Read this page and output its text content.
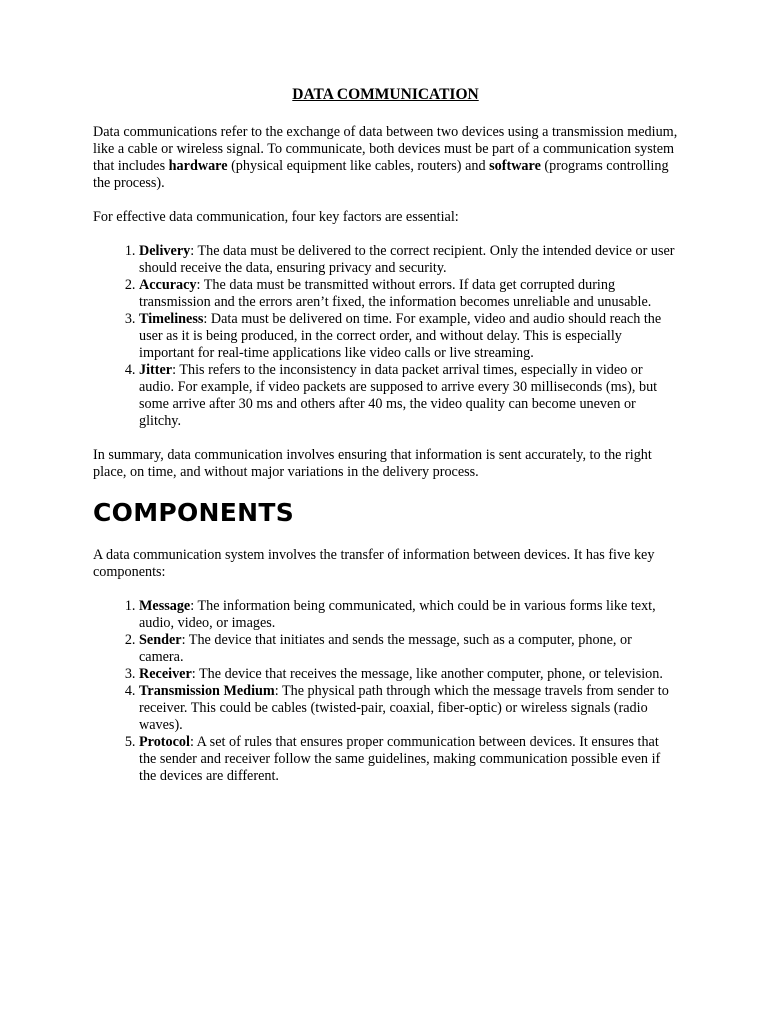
DATA COMMUNICATION

Data communications refer to the exchange of data between two devices using a transmission medium, like a cable or wireless signal. To communicate, both devices must be part of a communication system that includes hardware (physical equipment like cables, routers) and software (programs controlling the process).

For effective data communication, four key factors are essential:

1. Delivery: The data must be delivered to the correct recipient. Only the intended device or user should receive the data, ensuring privacy and security.
2. Accuracy: The data must be transmitted without errors. If data get corrupted during transmission and the errors aren’t fixed, the information becomes unreliable and unusable.
3. Timeliness: Data must be delivered on time. For example, video and audio should reach the user as it is being produced, in the correct order, and without delay. This is especially important for real-time applications like video calls or live streaming.
4. Jitter: This refers to the inconsistency in data packet arrival times, especially in video or audio. For example, if video packets are supposed to arrive every 30 milliseconds (ms), but some arrive after 30 ms and others after 40 ms, the video quality can become uneven or glitchy.

In summary, data communication involves ensuring that information is sent accurately, to the right place, on time, and without major variations in the delivery process.

COMPONENTS

A data communication system involves the transfer of information between devices. It has five key components:

1. Message: The information being communicated, which could be in various forms like text, audio, video, or images.
2. Sender: The device that initiates and sends the message, such as a computer, phone, or camera.
3. Receiver: The device that receives the message, like another computer, phone, or television.
4. Transmission Medium: The physical path through which the message travels from sender to receiver. This could be cables (twisted-pair, coaxial, fiber-optic) or wireless signals (radio waves).
5. Protocol: A set of rules that ensures proper communication between devices. It ensures that the sender and receiver follow the same guidelines, making communication possible even if the devices are different.
